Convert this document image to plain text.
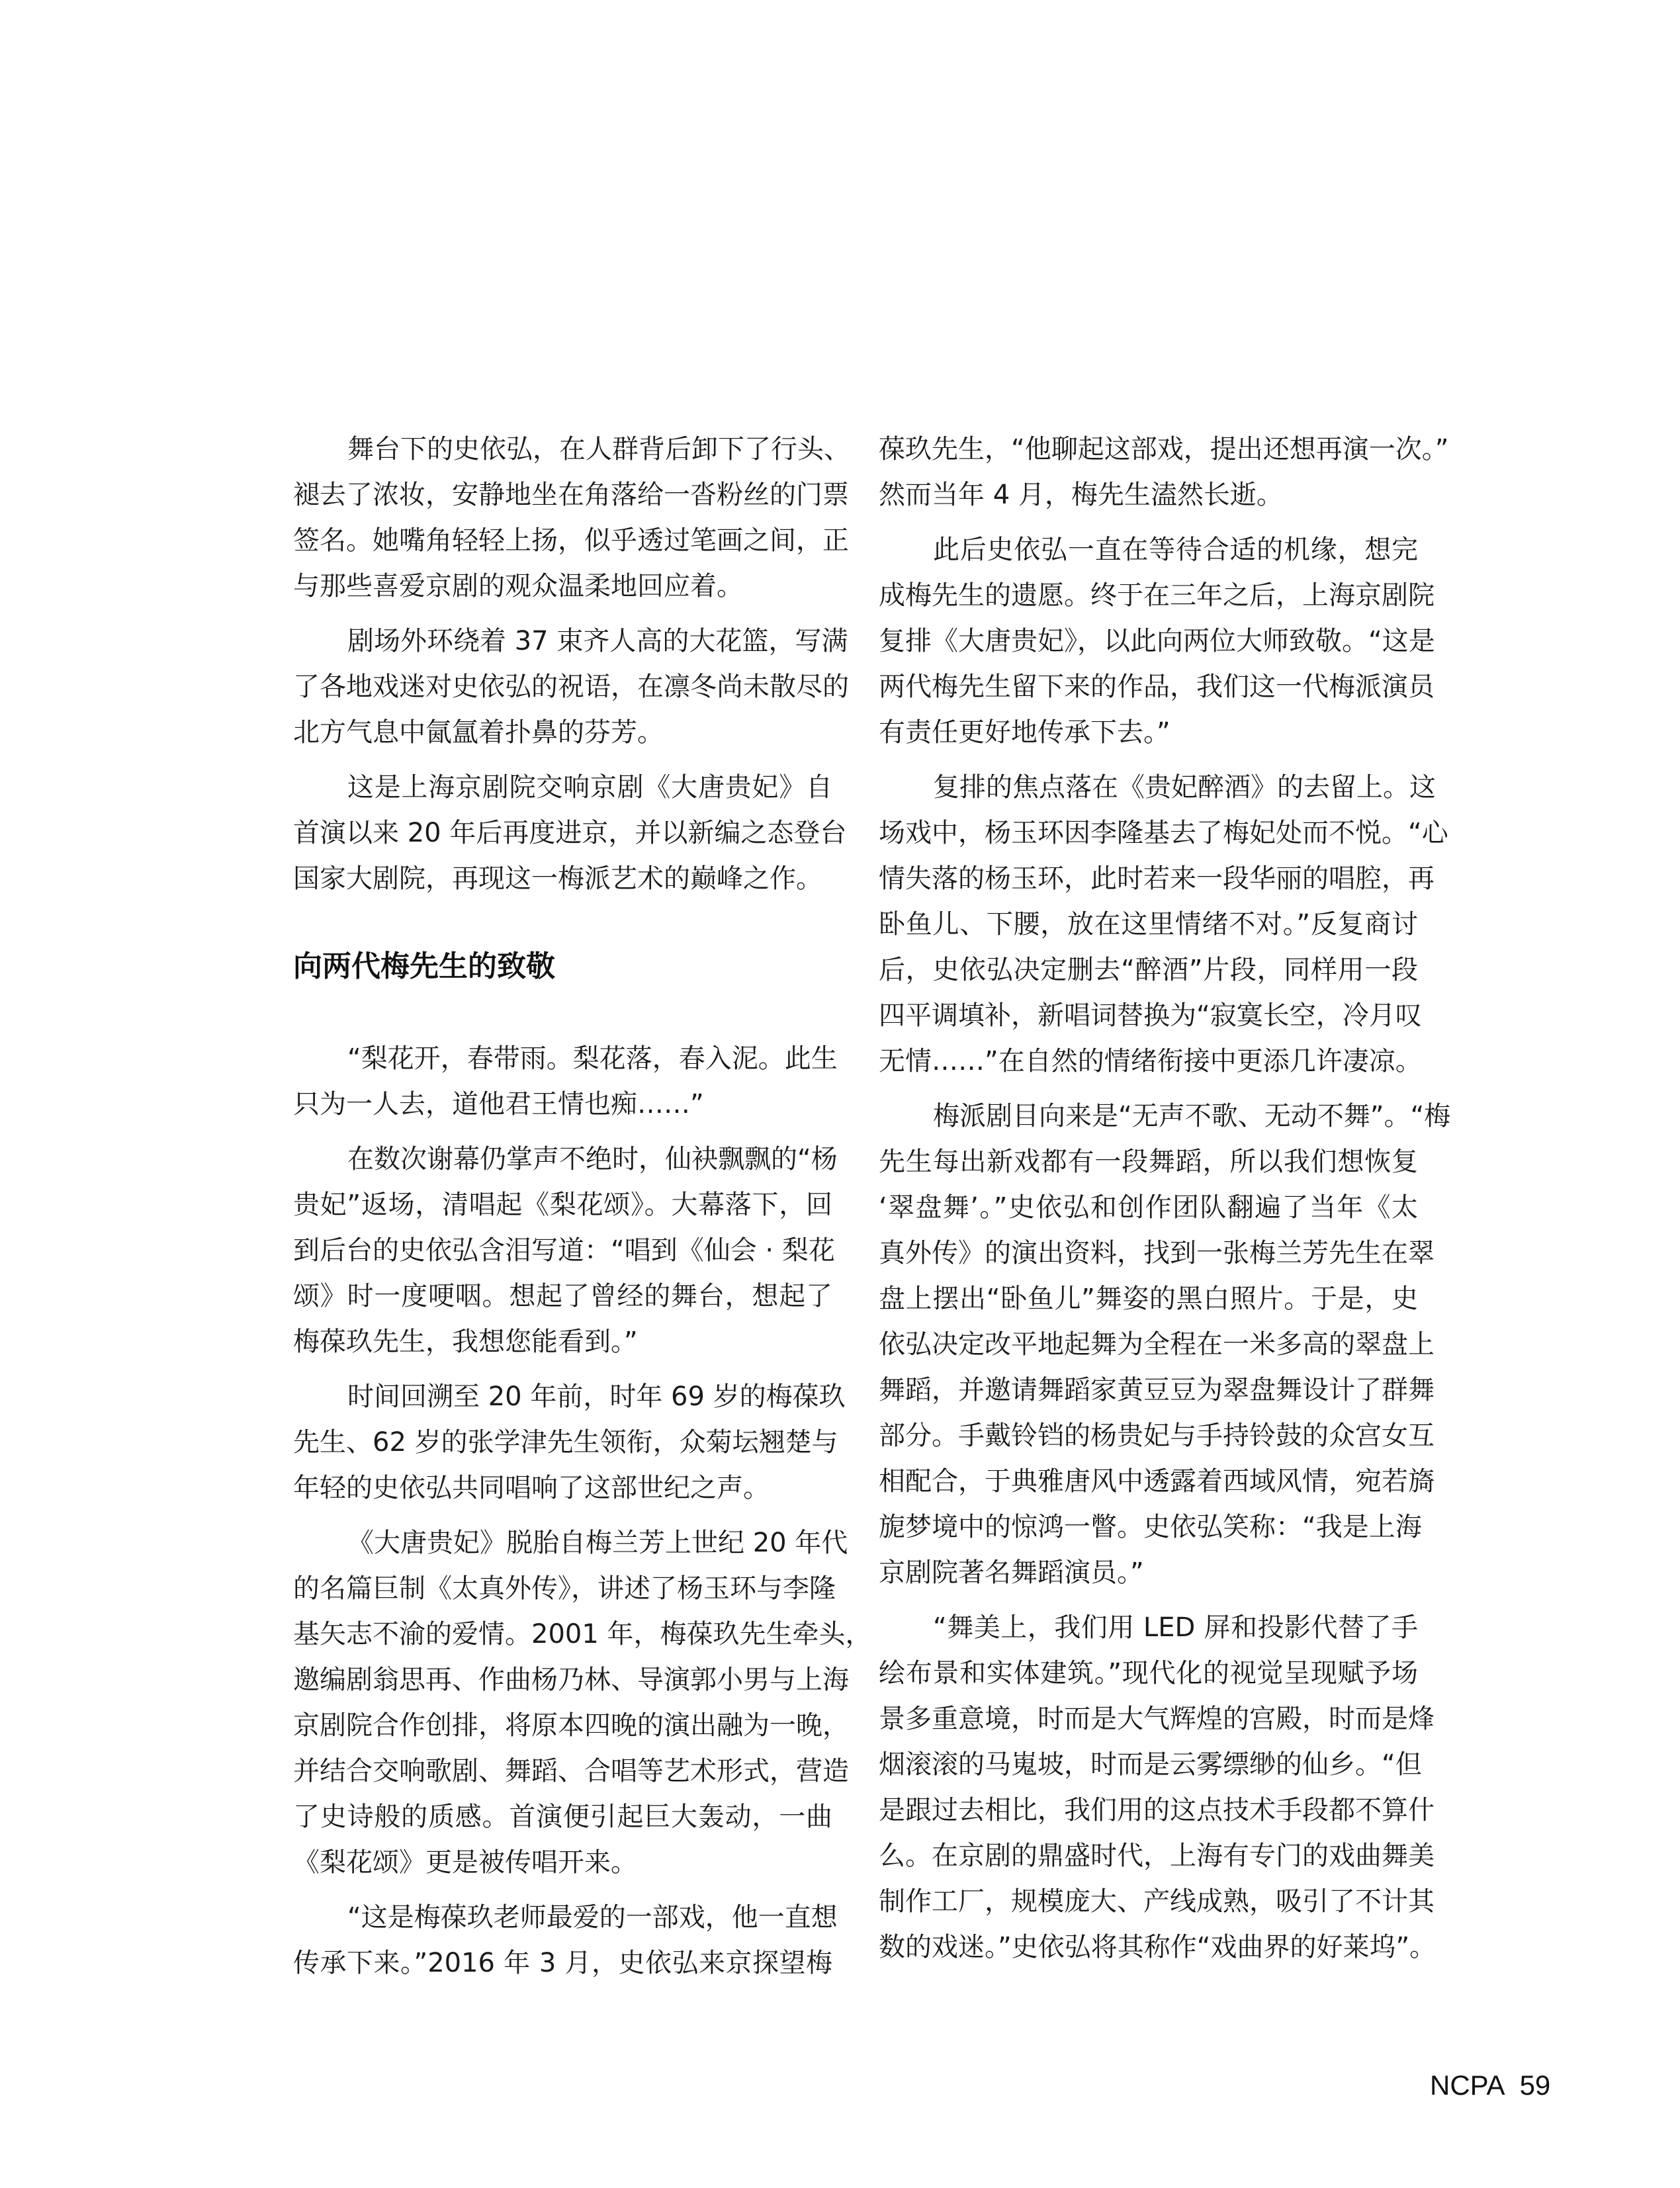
舞台下的史依弘，在人群背后卸下了行头、
褪去了浓妆，安静地坐在角落给一沓粉丝的门票
签名。她嘴角轻轻上扬，似乎透过笔画之间，正
与那些喜爱京剧的观众温柔地回应着。
剧场外环绕着 37 束齐人高的大花篮，写满
了各地戏迷对史依弘的祝语，在凛冬尚未散尽的
北方气息中氤氲着扑鼻的芬芳。
这是上海京剧院交响京剧《大唐贵妃》自
首演以来 20 年后再度进京，并以新编之态登台
国家大剧院，再现这一梅派艺术的巅峰之作。
向两代梅先生的致敬
“梨花开，春带雨。梨花落，春入泥。此生
只为一人去，道他君王情也痴……”
在数次谢幕仍掌声不绝时，仙袂飘飘的“杨
贵妃”返场，清唱起《梨花颂》。大幕落下，回
到后台的史依弘含泪写道：“唱到《仙会 · 梨花
颂》时一度哽咽。想起了曾经的舞台，想起了
梅葆玖先生，我想您能看到。”
时间回溯至 20 年前，时年 69 岁的梅葆玖
先生、62 岁的张学津先生领衔，众菊坛翘楚与
年轻的史依弘共同唱响了这部世纪之声。
《大唐贵妃》脱胎自梅兰芳上世纪 20 年代
的名篇巨制《太真外传》，讲述了杨玉环与李隆
基矢志不渝的爱情。2001 年，梅葆玖先生牵头，
邀编剧翁思再、作曲杨乃林、导演郭小男与上海
京剧院合作创排，将原本四晚的演出融为一晚，
并结合交响歌剧、舞蹈、合唱等艺术形式，营造
了史诗般的质感。首演便引起巨大轰动，一曲
《梨花颂》更是被传唱开来。
“这是梅葆玖老师最爱的一部戏，他一直想
传承下来。”2016 年 3 月，史依弘来京探望梅
葆玖先生，“他聊起这部戏，提出还想再演一次。”
然而当年 4 月，梅先生溘然长逝。
此后史依弘一直在等待合适的机缘，想完
成梅先生的遗愿。终于在三年之后，上海京剧院
复排《大唐贵妃》，以此向两位大师致敬。“这是
两代梅先生留下来的作品，我们这一代梅派演员
有责任更好地传承下去。”
复排的焦点落在《贵妃醉酒》的去留上。这
场戏中，杨玉环因李隆基去了梅妃处而不悦。“心
情失落的杨玉环，此时若来一段华丽的唱腔，再
卧鱼儿、下腰，放在这里情绪不对。”反复商讨
后，史依弘决定删去“醉酒”片段，同样用一段
四平调填补，新唱词替换为“寂寞长空，冷月叹
无情……”在自然的情绪衔接中更添几许凄凉。
梅派剧目向来是“无声不歌、无动不舞”。“梅
先生每出新戏都有一段舞蹈，所以我们想恢复
‘翠盘舞’。”史依弘和创作团队翻遍了当年《太
真外传》的演出资料，找到一张梅兰芳先生在翠
盘上摆出“卧鱼儿”舞姿的黑白照片。于是，史
依弘决定改平地起舞为全程在一米多高的翠盘上
舞蹈，并邀请舞蹈家黄豆豆为翠盘舞设计了群舞
部分。手戴铃铛的杨贵妃与手持铃鼓的众宫女互
相配合，于典雅唐风中透露着西域风情，宛若旖
旎梦境中的惊鸿一瞥。史依弘笑称：“我是上海
京剧院著名舞蹈演员。”
“舞美上，我们用 LED 屏和投影代替了手
绘布景和实体建筑。”现代化的视觉呈现赋予场
景多重意境，时而是大气辉煌的宫殿，时而是烽
烟滚滚的马嵬坡，时而是云雾缥缈的仙乡。“但
是跟过去相比，我们用的这点技术手段都不算什
么。在京剧的鼎盛时代，上海有专门的戏曲舞美
制作工厂，规模庞大、产线成熟，吸引了不计其
数的戏迷。”史依弘将其称作“戏曲界的好莱坞”。
NCPA 59
